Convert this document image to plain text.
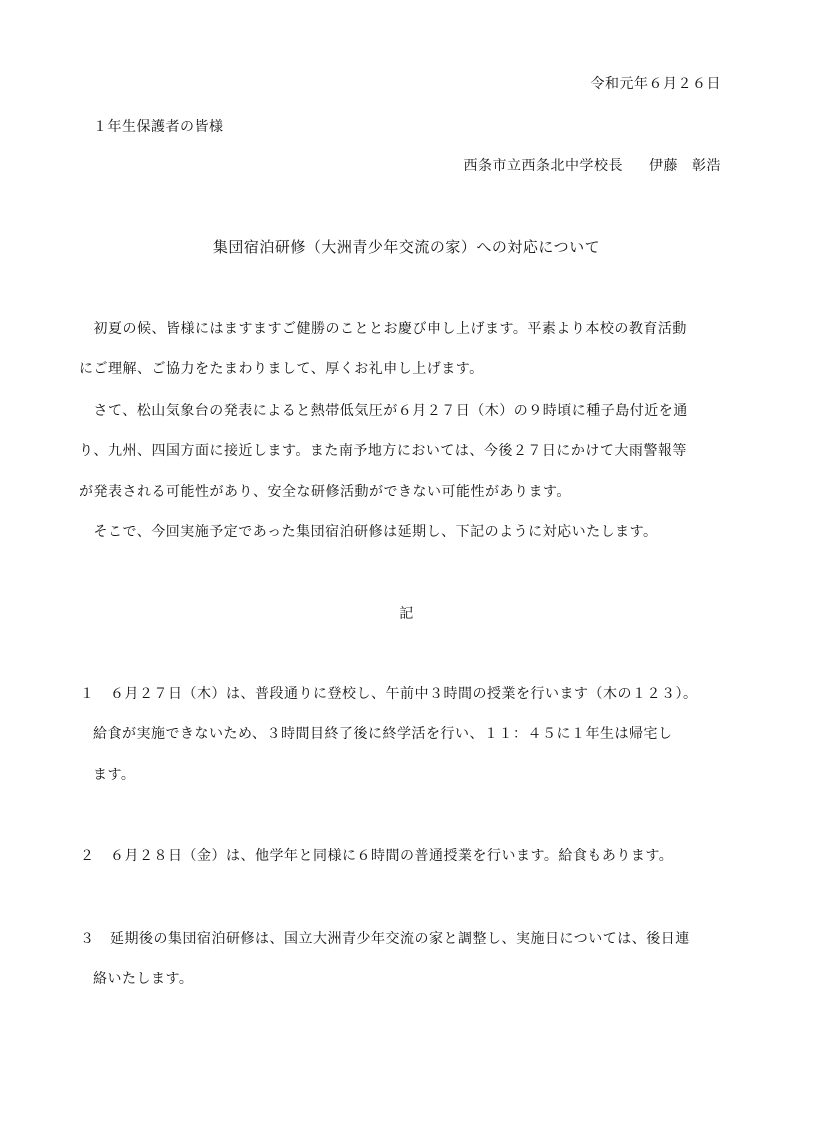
令和元年６月２６日

１年生保護者の皆様

西条市立西条北中学校長 伊藤 彰浩

集団宿泊研修（大洲青少年交流の家）への対応について

　初夏の候、皆様にはますますご健勝のこととお慶び申し上げます。平素より本校の教育活動

にご理解、ご協力をたまわりまして、厚くお礼申し上げます。

　さて、松山気象台の発表によると熱帯低気圧が６月２７日（木）の９時頃に種子島付近を通

り、九州、四国方面に接近します。また南予地方においては、今後２７日にかけて大雨警報等

が発表される可能性があり、安全な研修活動ができない可能性があります。

　そこで、今回実施予定であった集団宿泊研修は延期し、下記のように対応いたします。

記

１ ６月２７日（木）は、普段通りに登校し、午前中３時間の授業を行います（木の１２３）。

給食が実施できないため、３時間目終了後に終学活を行い、１１：４５に１年生は帰宅し

ます。

２ ６月２８日（金）は、他学年と同様に６時間の普通授業を行います。給食もあります。

３ 延期後の集団宿泊研修は、国立大洲青少年交流の家と調整し、実施日については、後日連

絡いたします。
